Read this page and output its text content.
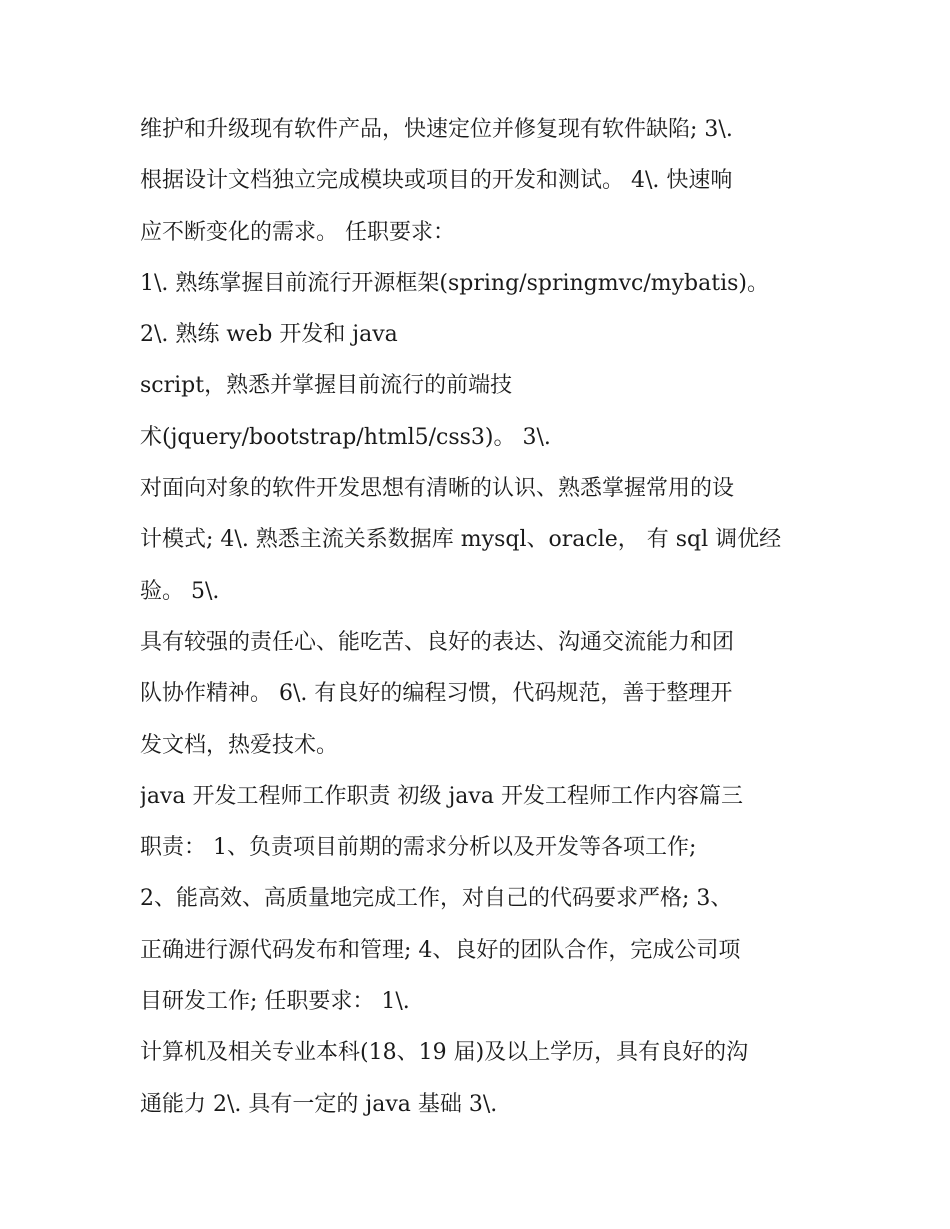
维护和升级现有软件产品，快速定位并修复现有软件缺陷; 3\.
根据设计文档独立完成模块或项目的开发和测试。 4\. 快速响
应不断变化的需求。 任职要求：
1\. 熟练掌握目前流行开源框架(spring/springmvc/mybatis)。
2\. 熟练 web 开发和 java
script，熟悉并掌握目前流行的前端技
术(jquery/bootstrap/html5/css3)。 3\.
对面向对象的软件开发思想有清晰的认识、熟悉掌握常用的设
计模式; 4\. 熟悉主流关系数据库 mysql、oracle， 有 sql 调优经
验。 5\.
具有较强的责任心、能吃苦、良好的表达、沟通交流能力和团
队协作精神。 6\. 有良好的编程习惯，代码规范，善于整理开
发文档，热爱技术。
java 开发工程师工作职责 初级 java 开发工程师工作内容篇三
职责： 1、负责项目前期的需求分析以及开发等各项工作;
2、能高效、高质量地完成工作，对自己的代码要求严格; 3、
正确进行源代码发布和管理; 4、良好的团队合作，完成公司项
目研发工作; 任职要求： 1\.
计算机及相关专业本科(18、19 届)及以上学历，具有良好的沟
通能力 2\. 具有一定的 java 基础 3\.
